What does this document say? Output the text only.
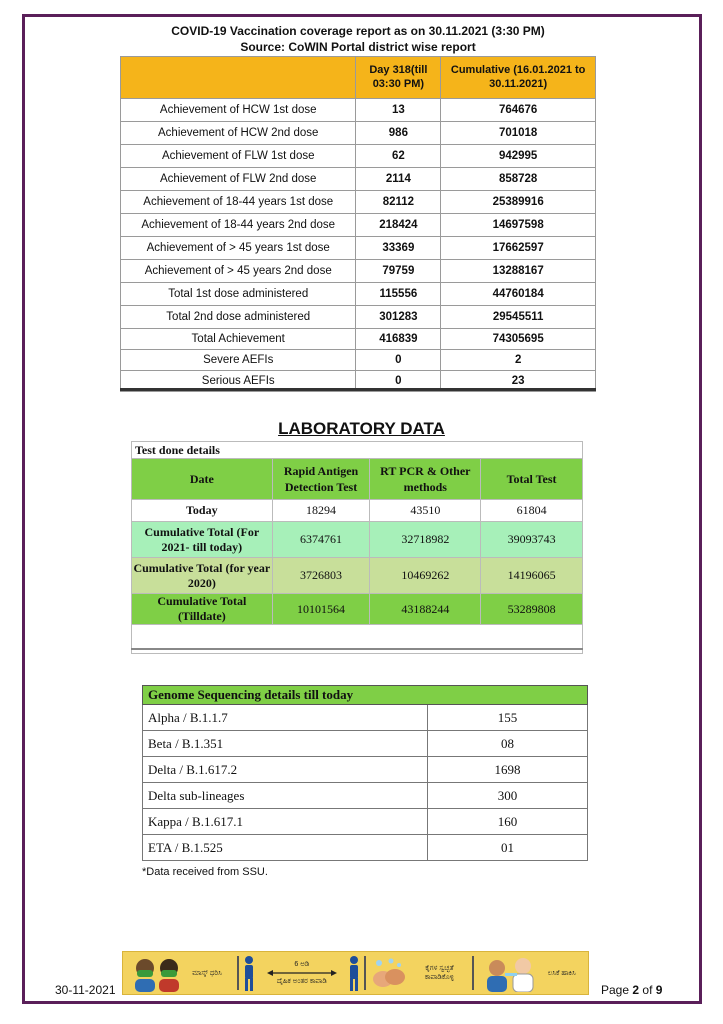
COVID-19 Vaccination coverage report as on 30.11.2021 (3:30 PM)		
Source: CoWIN Portal district wise report		
	Day 318(till 03:30 PM)	Cumulative (16.01.2021 to 30.11.2021)
Achievement of HCW 1st dose	13	764676
Achievement of HCW 2nd dose	986	701018
Achievement of FLW 1st dose	62	942995
Achievement of FLW 2nd dose	2114	858728
Achievement of 18-44 years 1st dose	82112	25389916
Achievement of 18-44 years 2nd dose	218424	14697598
Achievement of > 45 years 1st dose	33369	17662597
Achievement of > 45 years 2nd dose	79759	13288167
Total 1st dose administered	115556	44760184
Total 2nd dose administered	301283	29545511
Total Achievement	416839	74305695
Severe AEFIs	0	2
Serious AEFIs	0	23
LABORATORY DATA
Test done details			
Date	Rapid Antigen Detection Test	RT PCR & Other methods	Total Test
Today	18294	43510	61804
Cumulative Total (For 2021- till today)	6374761	32718982	39093743
Cumulative Total (for year 2020)	3726803	10469262	14196065
Cumulative Total (Tilldate)	10101564	43188244	53289808

Genome Sequencing details till today	
Alpha / B.1.1.7	155
Beta / B.1.351	08
Delta / B.1.617.2	1698
Delta sub-lineages	300
Kappa / B.1.617.1	160
ETA / B.1.525	01
*Data received from SSU.
30-11-2021
ಮಾಸ್ಕ್ ಧರಿಸಿ
6 ಅಡಿ
ದೈಹಿಕ ಅಂತರ ಕಾಪಾಡಿ
ಕೈಗಳ ಸ್ವಚ್ಛತೆ ಕಾಪಾಡಿಕೊಳ್ಳಿ
ಲಸಿಕೆ ಹಾಕಿಸಿ
Page 2 of 9
